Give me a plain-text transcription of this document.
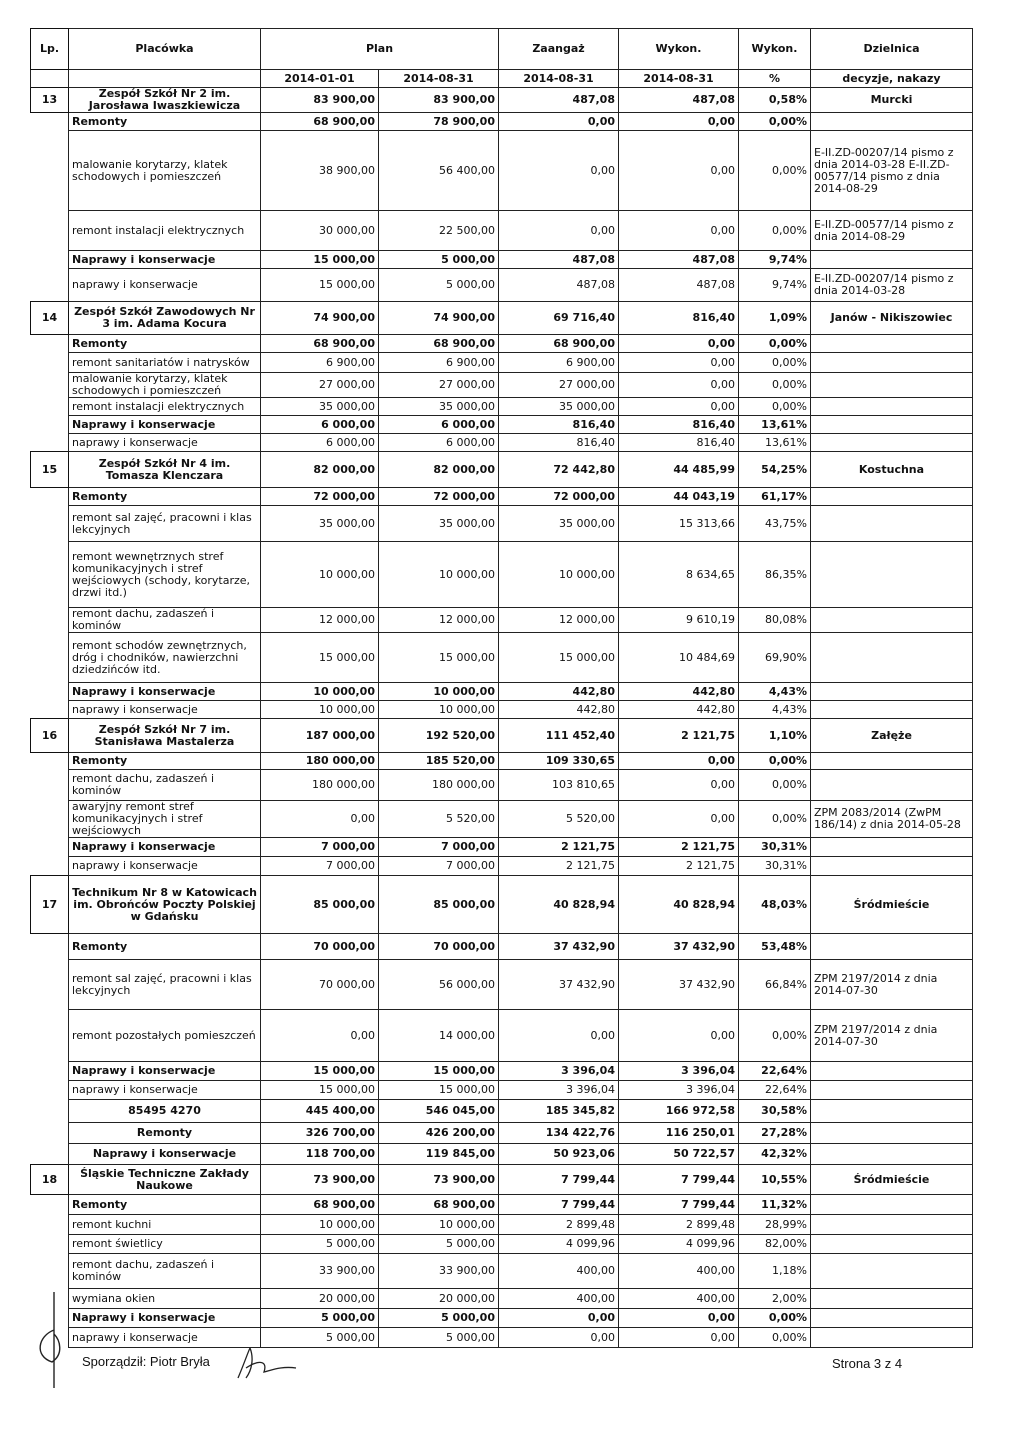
Lp.	Placówka	Plan		Zaangaż	Wykon.	Wykon.	Dzielnica
		2014-01-01	2014-08-31	2014-08-31	2014-08-31	%	decyzje, nakazy
13	Zespół Szkół Nr 2 im. Jarosława Iwaszkiewicza	83 900,00	83 900,00	487,08	487,08	0,58%	Murcki
	Remonty	68 900,00	78 900,00	0,00	0,00	0,00%	
	malowanie korytarzy, klatek schodowych i pomieszczeń	38 900,00	56 400,00	0,00	0,00	0,00%	E-II.ZD-00207/14 pismo z dnia 2014-03-28 E-II.ZD-00577/14 pismo z dnia 2014-08-29
	remont instalacji elektrycznych	30 000,00	22 500,00	0,00	0,00	0,00%	E-II.ZD-00577/14 pismo z dnia 2014-08-29
	Naprawy i konserwacje	15 000,00	5 000,00	487,08	487,08	9,74%	
	naprawy i konserwacje	15 000,00	5 000,00	487,08	487,08	9,74%	E-II.ZD-00207/14 pismo z dnia 2014-03-28
14	Zespół Szkół Zawodowych Nr 3 im. Adama Kocura	74 900,00	74 900,00	69 716,40	816,40	1,09%	Janów - Nikiszowiec
	Remonty	68 900,00	68 900,00	68 900,00	0,00	0,00%	
	remont sanitariatów i natrysków	6 900,00	6 900,00	6 900,00	0,00	0,00%	
	malowanie korytarzy, klatek schodowych i pomieszczeń	27 000,00	27 000,00	27 000,00	0,00	0,00%	
	remont instalacji elektrycznych	35 000,00	35 000,00	35 000,00	0,00	0,00%	
	Naprawy i konserwacje	6 000,00	6 000,00	816,40	816,40	13,61%	
	naprawy i konserwacje	6 000,00	6 000,00	816,40	816,40	13,61%	
15	Zespół Szkół Nr 4 im. Tomasza Klenczara	82 000,00	82 000,00	72 442,80	44 485,99	54,25%	Kostuchna
	Remonty	72 000,00	72 000,00	72 000,00	44 043,19	61,17%	
	remont sal zajęć, pracowni i klas lekcyjnych	35 000,00	35 000,00	35 000,00	15 313,66	43,75%	
	remont wewnętrznych stref komunikacyjnych i stref wejściowych (schody, korytarze, drzwi itd.)	10 000,00	10 000,00	10 000,00	8 634,65	86,35%	
	remont dachu, zadaszeń i kominów	12 000,00	12 000,00	12 000,00	9 610,19	80,08%	
	remont schodów zewnętrznych, dróg i chodników, nawierzchni dziedzińców itd.	15 000,00	15 000,00	15 000,00	10 484,69	69,90%	
	Naprawy i konserwacje	10 000,00	10 000,00	442,80	442,80	4,43%	
	naprawy i konserwacje	10 000,00	10 000,00	442,80	442,80	4,43%	
16	Zespół Szkół Nr 7 im. Stanisława Mastalerza	187 000,00	192 520,00	111 452,40	2 121,75	1,10%	Załęże
	Remonty	180 000,00	185 520,00	109 330,65	0,00	0,00%	
	remont dachu, zadaszeń i kominów	180 000,00	180 000,00	103 810,65	0,00	0,00%	
	awaryjny remont stref komunikacyjnych i stref wejściowych	0,00	5 520,00	5 520,00	0,00	0,00%	ZPM 2083/2014 (ZwPM 186/14) z dnia 2014-05-28
	Naprawy i konserwacje	7 000,00	7 000,00	2 121,75	2 121,75	30,31%	
	naprawy i konserwacje	7 000,00	7 000,00	2 121,75	2 121,75	30,31%	
17	Technikum Nr 8 w Katowicach im. Obrońców Poczty Polskiej w Gdańsku	85 000,00	85 000,00	40 828,94	40 828,94	48,03%	Śródmieście
	Remonty	70 000,00	70 000,00	37 432,90	37 432,90	53,48%	
	remont sal zajęć, pracowni i klas lekcyjnych	70 000,00	56 000,00	37 432,90	37 432,90	66,84%	ZPM 2197/2014 z dnia 2014-07-30
	remont pozostałych pomieszczeń	0,00	14 000,00	0,00	0,00	0,00%	ZPM 2197/2014 z dnia 2014-07-30
	Naprawy i konserwacje	15 000,00	15 000,00	3 396,04	3 396,04	22,64%	
	naprawy i konserwacje	15 000,00	15 000,00	3 396,04	3 396,04	22,64%	
	85495 4270	445 400,00	546 045,00	185 345,82	166 972,58	30,58%	
	Remonty	326 700,00	426 200,00	134 422,76	116 250,01	27,28%	
	Naprawy i konserwacje	118 700,00	119 845,00	50 923,06	50 722,57	42,32%	
18	Śląskie Techniczne Zakłady Naukowe	73 900,00	73 900,00	7 799,44	7 799,44	10,55%	Śródmieście
	Remonty	68 900,00	68 900,00	7 799,44	7 799,44	11,32%	
	remont kuchni	10 000,00	10 000,00	2 899,48	2 899,48	28,99%	
	remont świetlicy	5 000,00	5 000,00	4 099,96	4 099,96	82,00%	
	remont dachu, zadaszeń i kominów	33 900,00	33 900,00	400,00	400,00	1,18%	
	wymiana okien	20 000,00	20 000,00	400,00	400,00	2,00%	
	Naprawy i konserwacje	5 000,00	5 000,00	0,00	0,00	0,00%	
	naprawy i konserwacje	5 000,00	5 000,00	0,00	0,00	0,00%	
Sporządził: Piotr Bryła	Strona 3 z 4
